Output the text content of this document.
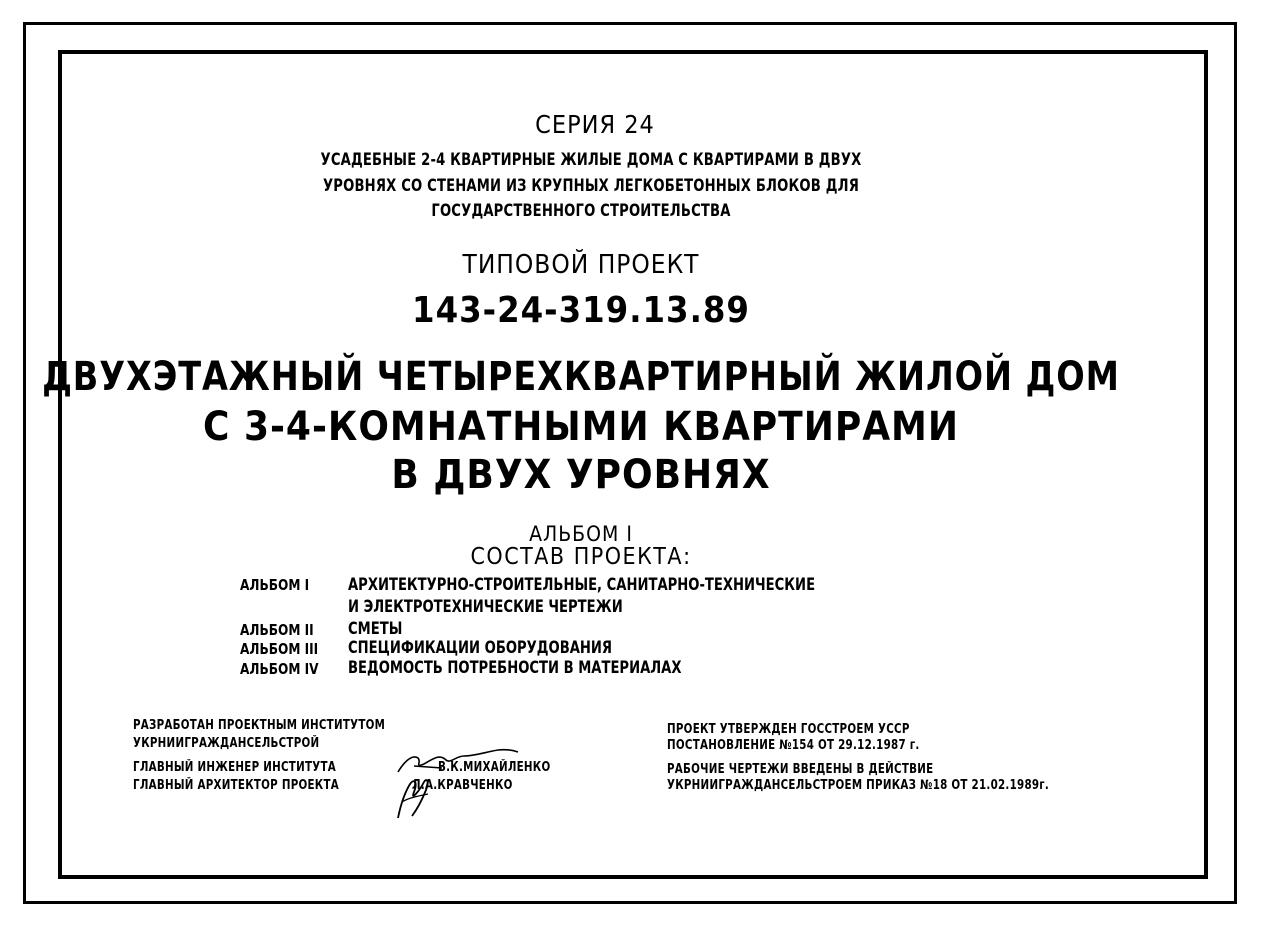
СЕРИЯ 24
УСАДЕБНЫЕ 2-4 КВАРТИРНЫЕ ЖИЛЫЕ ДОМА С КВАРТИРАМИ В ДВУХ
УРОВНЯХ СО СТЕНАМИ ИЗ КРУПНЫХ ЛЕГКОБЕТОННЫХ БЛОКОВ ДЛЯ
ГОСУДАРСТВЕННОГО СТРОИТЕЛЬСТВА
ТИПОВОЙ ПРОЕКТ
143-24-319.13.89
ДВУХЭТАЖНЫЙ ЧЕТЫРЕХКВАРТИРНЫЙ ЖИЛОЙ ДОМ
С 3-4-КОМНАТНЫМИ КВАРТИРАМИ
В ДВУХ УРОВНЯХ
АЛЬБОМ I
СОСТАВ ПРОЕКТА:
АЛЬБОМ I АРХИТЕКТУРНО-СТРОИТЕЛЬНЫЕ, САНИТАРНО-ТЕХНИЧЕСКИЕ
И ЭЛЕКТРОТЕХНИЧЕСКИЕ ЧЕРТЕЖИ
АЛЬБОМ II СМЕТЫ
АЛЬБОМ III СПЕЦИФИКАЦИИ ОБОРУДОВАНИЯ
АЛЬБОМ IV ВЕДОМОСТЬ ПОТРЕБНОСТИ В МАТЕРИАЛАХ
РАЗРАБОТАН ПРОЕКТНЫМ ИНСТИТУТОМ
УКРНИИГРАЖДАНСЕЛЬСТРОЙ
ГЛАВНЫЙ ИНЖЕНЕР ИНСТИТУТА	В.К.МИХАЙЛЕНКО
ГЛАВНЫЙ АРХИТЕКТОР ПРОЕКТА	Л.А.КРАВЧЕНКО
ПРОЕКТ УТВЕРЖДЕН ГОССТРОЕМ УССР
ПОСТАНОВЛЕНИЕ №154 ОТ 29.12.1987 г.
РАБОЧИЕ ЧЕРТЕЖИ ВВЕДЕНЫ В ДЕЙСТВИЕ
УКРНИИГРАЖДАНСЕЛЬСТРОЕМ ПРИКАЗ №18 ОТ 21.02.1989г.
